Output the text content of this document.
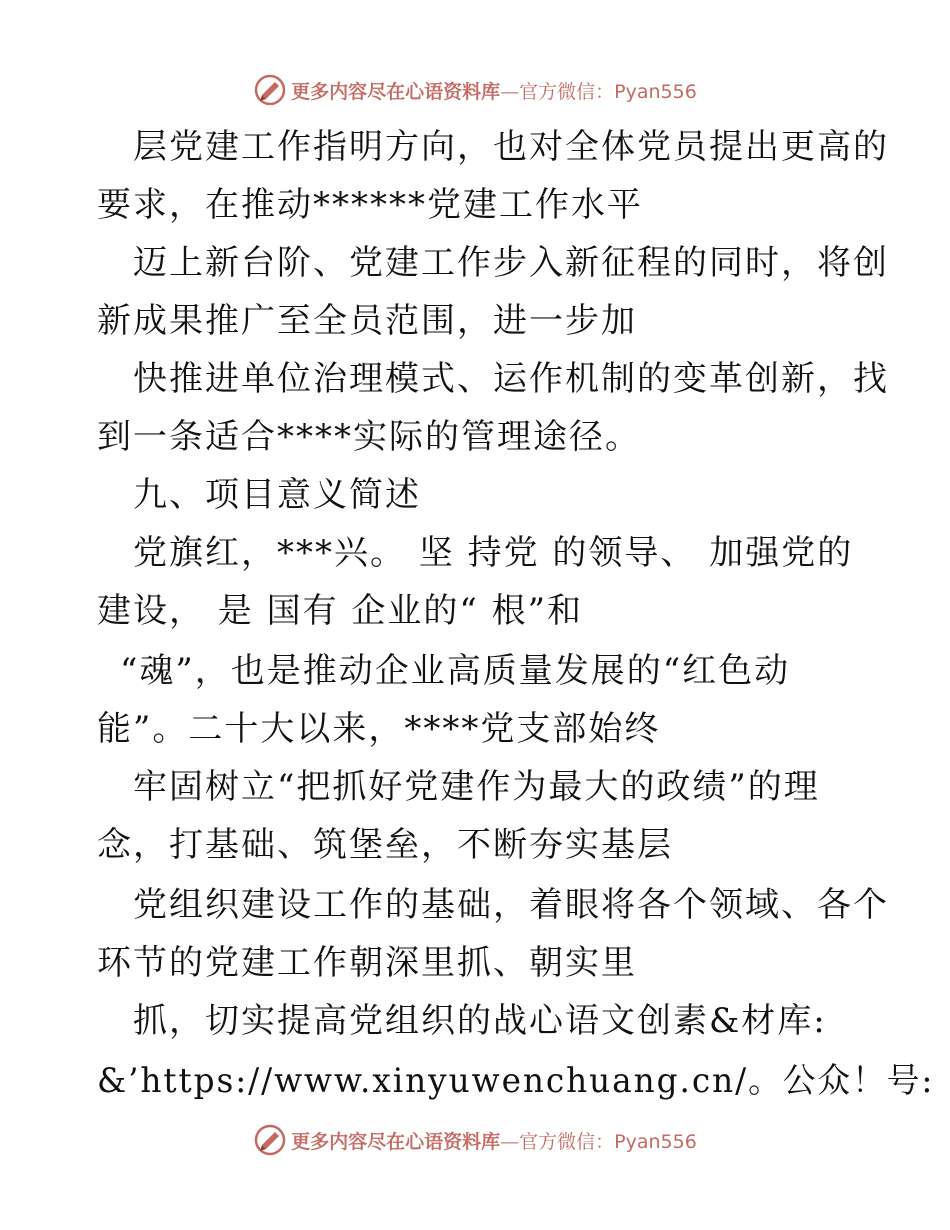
更多内容尽在心语资料库—官方微信：Pyan556
层党建工作指明方向，也对全体党员提出更高的
要求，在推动******党建工作水平
迈上新台阶、党建工作步入新征程的同时，将创
新成果推广至全员范围，进一步加
快推进单位治理模式、运作机制的变革创新，找
到一条适合****实际的管理途径。
九、项目意义简述
党旗红，***兴。 坚 持党 的领导、 加强党的
建设， 是 国有 企业的“ 根”和
“魂”，也是推动企业高质量发展的“红色动
能”。二十大以来，****党支部始终
牢固树立“把抓好党建作为最大的政绩”的理
念，打基础、筑堡垒，不断夯实基层
党组织建设工作的基础，着眼将各个领域、各个
环节的党建工作朝深里抓、朝实里
抓，切实提高党组织的战心语文创素&材库:
&’https://www.xinyuwenchuang.cn/。公众！号:
更多内容尽在心语资料库—官方微信：Pyan556
